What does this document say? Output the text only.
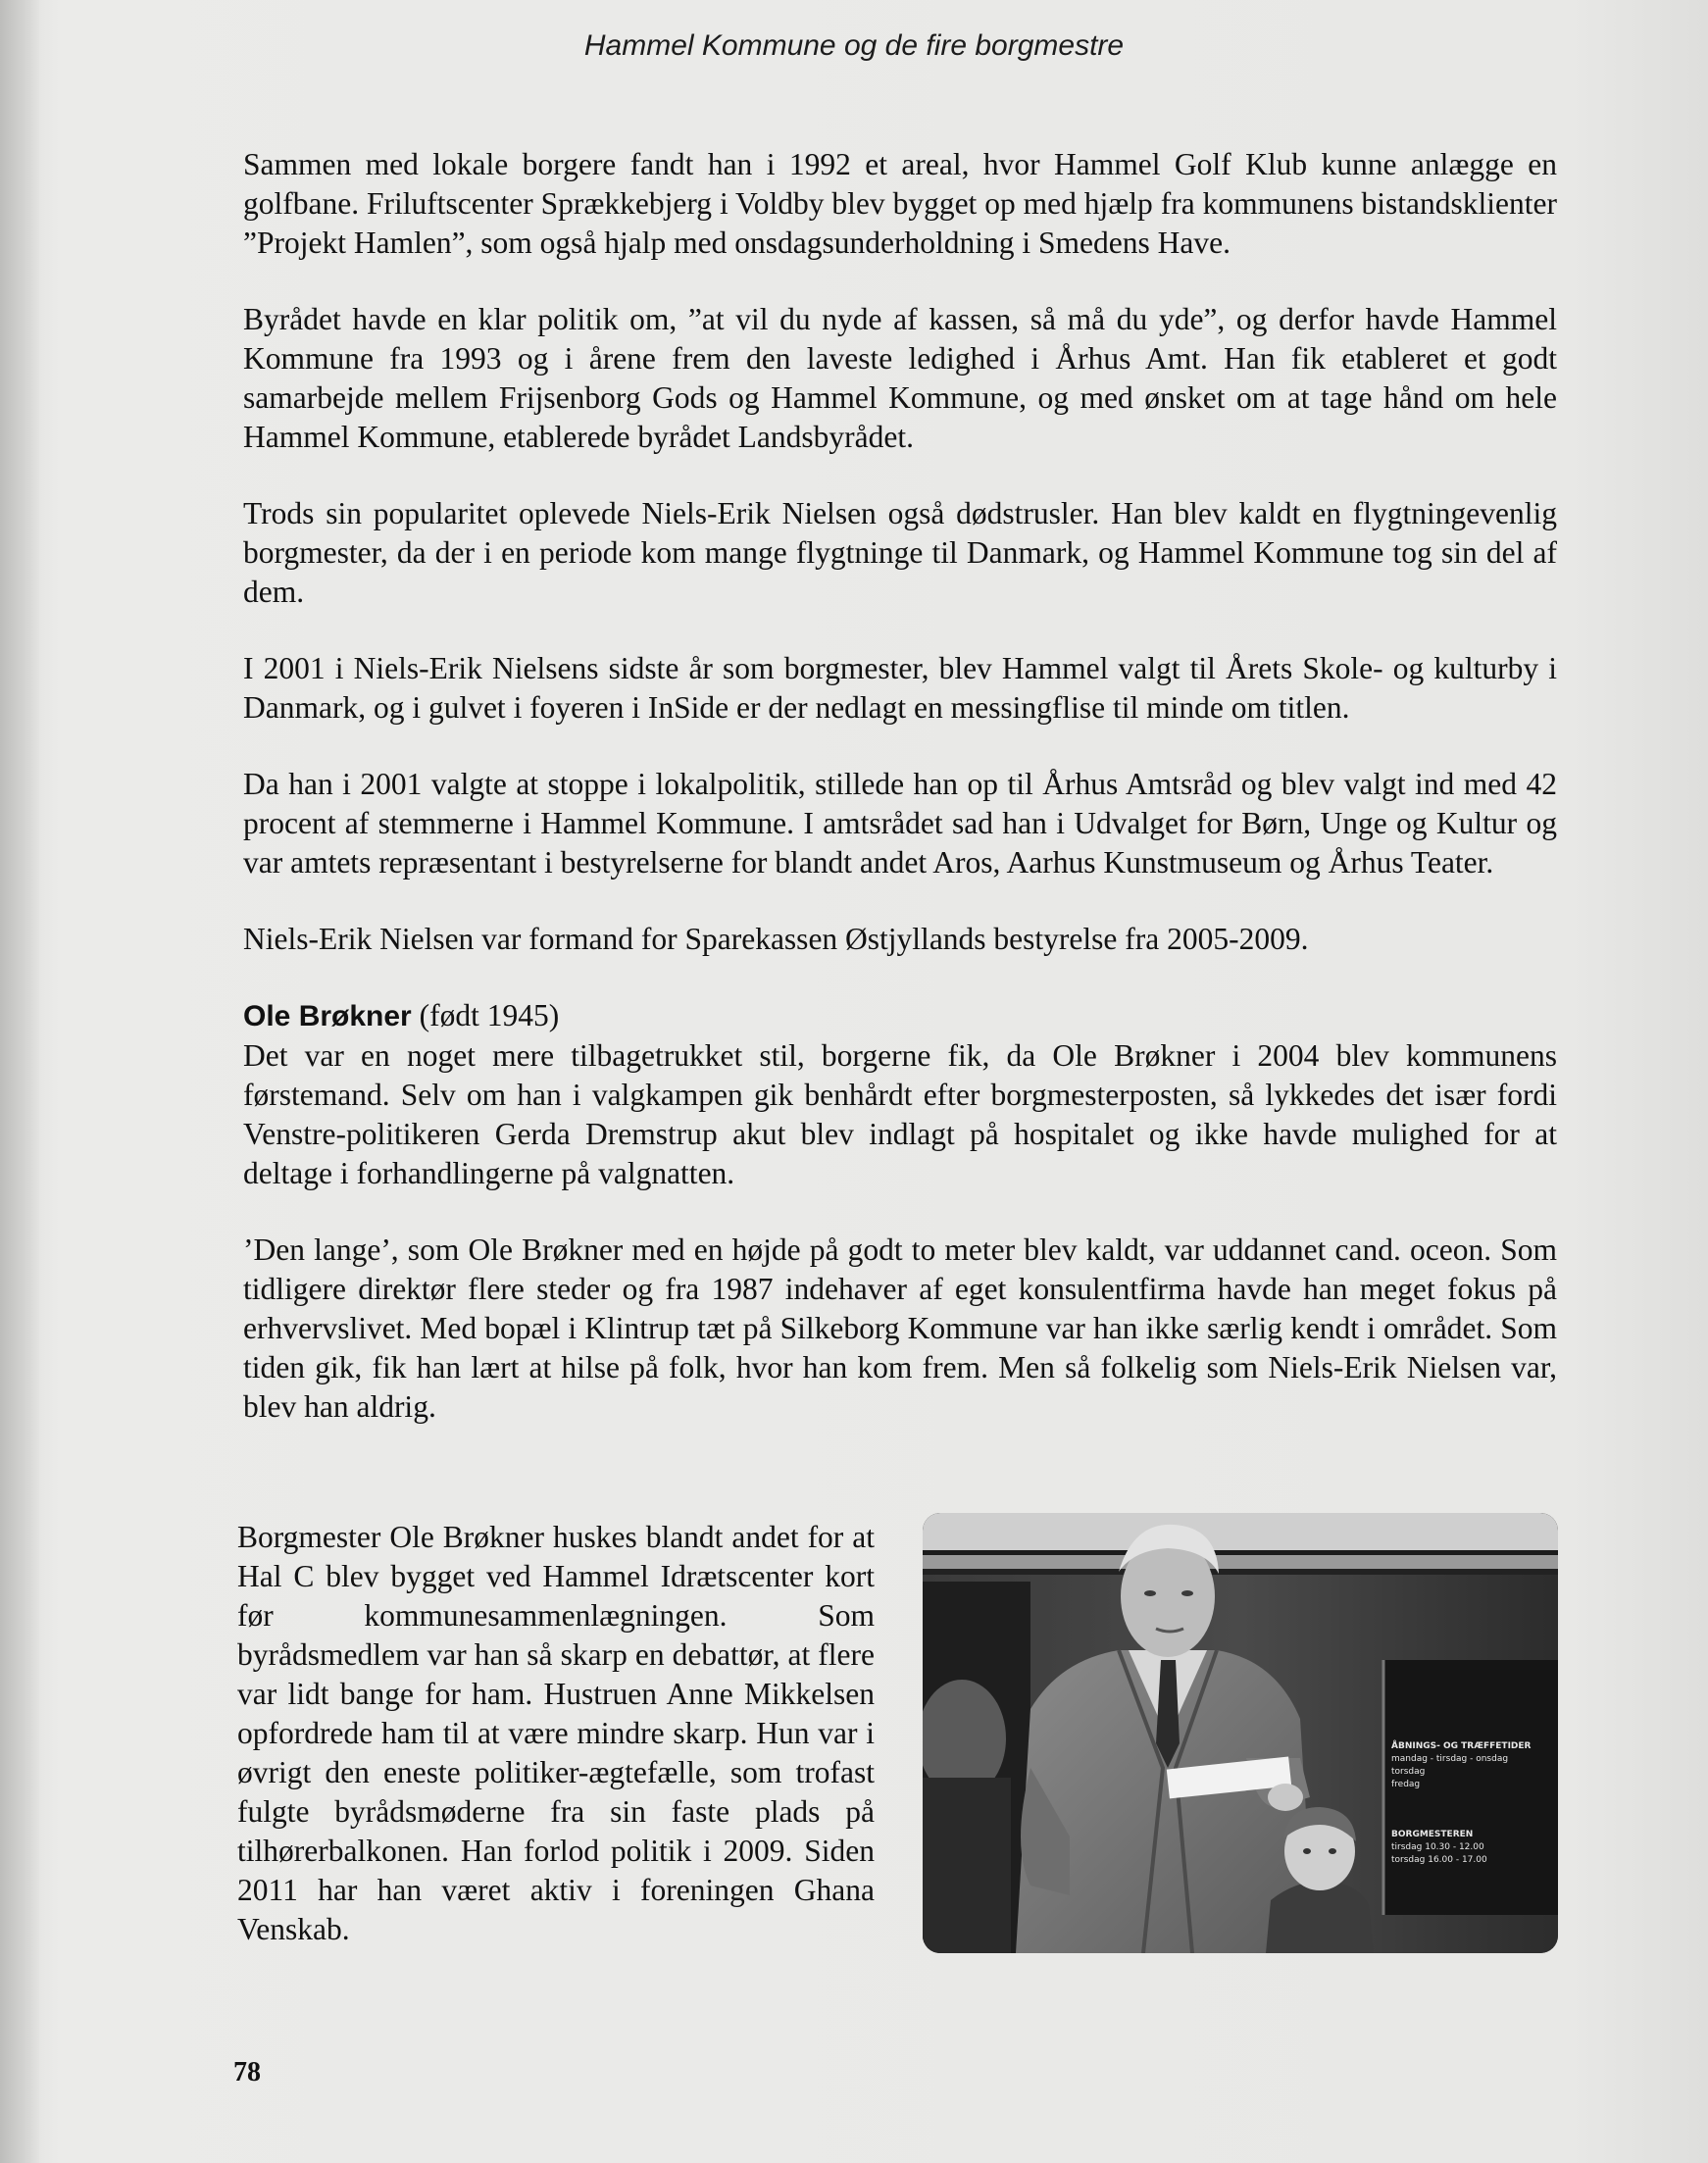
Hammel Kommune og de fire borgmestre

Sammen med lokale borgere fandt han i 1992 et areal, hvor Hammel Golf Klub kunne anlægge en golfbane. Friluftscenter Sprækkebjerg i Voldby blev bygget op med hjælp fra kommunens bistandsklienter ”Projekt Hamlen”, som også hjalp med onsdagsunderholdning i Smedens Have.

Byrådet havde en klar politik om, ”at vil du nyde af kassen, så må du yde”, og derfor havde Hammel Kommune fra 1993 og i årene frem den laveste ledighed i Århus Amt. Han fik etableret et godt samarbejde mellem Frijsenborg Gods og Hammel Kommune, og med ønsket om at tage hånd om hele Hammel Kommune, etablerede byrådet Landsbyrådet.

Trods sin popularitet oplevede Niels-Erik Nielsen også dødstrusler. Han blev kaldt en flygtningevenlig borgmester, da der i en periode kom mange flygtninge til Danmark, og Hammel Kommune tog sin del af dem.

I 2001 i Niels-Erik Nielsens sidste år som borgmester, blev Hammel valgt til Årets Skole- og kulturby i Danmark, og i gulvet i foyeren i InSide er der nedlagt en messingflise til minde om titlen.

Da han i 2001 valgte at stoppe i lokalpolitik, stillede han op til Århus Amtsråd og blev valgt ind med 42 procent af stemmerne i Hammel Kommune. I amtsrådet sad han i Udvalget for Børn, Unge og Kultur og var amtets repræsentant i bestyrelserne for blandt andet Aros, Aarhus Kunstmuseum og Århus Teater.

Niels-Erik Nielsen var formand for Sparekassen Østjyllands bestyrelse fra 2005-2009.

Ole Brøkner (født 1945)

Det var en noget mere tilbagetrukket stil, borgerne fik, da Ole Brøkner i 2004 blev kommunens førstemand. Selv om han i valgkampen gik benhårdt efter borgmesterposten, så lykkedes det især fordi Venstre-politikeren Gerda Dremstrup akut blev indlagt på hospitalet og ikke havde mulighed for at deltage i forhandlingerne på valgnatten.

’Den lange’, som Ole Brøkner med en højde på godt to meter blev kaldt, var uddannet cand. oceon. Som tidligere direktør flere steder og fra 1987 indehaver af eget konsulentfirma havde han meget fokus på erhvervslivet. Med bopæl i Klintrup tæt på Silkeborg Kommune var han ikke særlig kendt i området. Som tiden gik, fik han lært at hilse på folk, hvor han kom frem. Men så folkelig som Niels-Erik Nielsen var, blev han aldrig.

Borgmester Ole Brøkner huskes blandt andet for at Hal C blev bygget ved Hammel Idrætscenter kort før kommunesammenlægningen. Som byrådsmedlem var han så skarp en debattør, at flere var lidt bange for ham. Hustruen Anne Mikkelsen opfordrede ham til at være mindre skarp. Hun var i øvrigt den eneste politiker-ægtefælle, som trofast fulgte byrådsmøderne fra sin faste plads på tilhørerbalkonen. Han forlod politik i 2009. Siden 2011 har han været aktiv i foreningen Ghana Venskab.
ÅBNINGS- OG TRÆFFETIDER
mandag - tirsdag - onsdag
torsdag
fredag
BORGMESTEREN
tirsdag 10.30 - 12.00
torsdag 16.00 - 17.00
78
